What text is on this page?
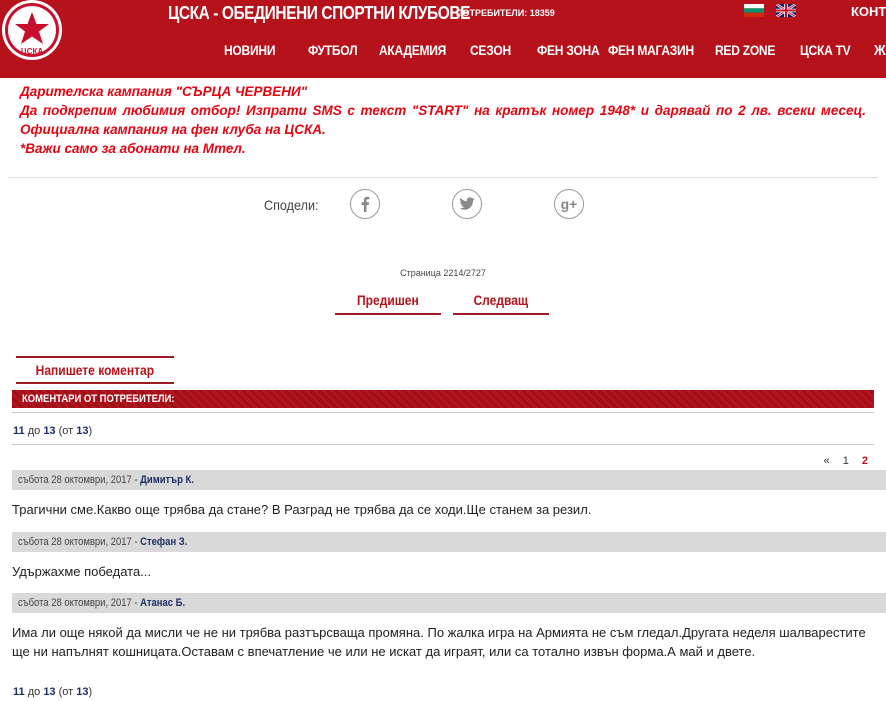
ЦСКА
ЦСКА - ОБЕДИНЕНИ СПОРТНИ КЛУБОВЕ
ПОТРЕБИТЕЛИ: 18359	КОНТ
НОВИНИ ФУТБОЛ АКАДЕМИЯ СЕЗОН ФЕН ЗОНА ФЕН МАГАЗИН RED ZONE ЦСКА TV Ж

Дарителска кампания "СЪРЦА ЧЕРВЕНИ"

Да подкрепим любимия отбор! Изпрати SMS с текст "START" на кратък номер 1948* и дарявай по 2 лв. всеки месец. Официална кампания на фен клуба на ЦСКА.

*Важи само за абонати на Мтел.

Сподели:	g+
Страница 2214/2727
Предишен	Следващ
Напишете коментар
КОМЕНТАРИ ОТ ПОТРЕБИТЕЛИ:
11 до 13 (от 13)
« 1 2
събота 28 октомври, 2017 - Димитър К.
Трагични сме.Какво още трябва да стане? В Разград не трябва да се ходи.Ще станем за резил.
събота 28 октомври, 2017 - Стефан З.
Удържахме победата...
събота 28 октомври, 2017 - Атанас Б.
Има ли още някой да мисли че не ни трябва разтърсваща промяна. По жалка игра на Армията не съм гледал.Другата неделя шалварестите ще ни напълнят кошницата.Оставам с впечатление че или не искат да играят, или са тотално извън форма.А май и двете.
11 до 13 (от 13)
